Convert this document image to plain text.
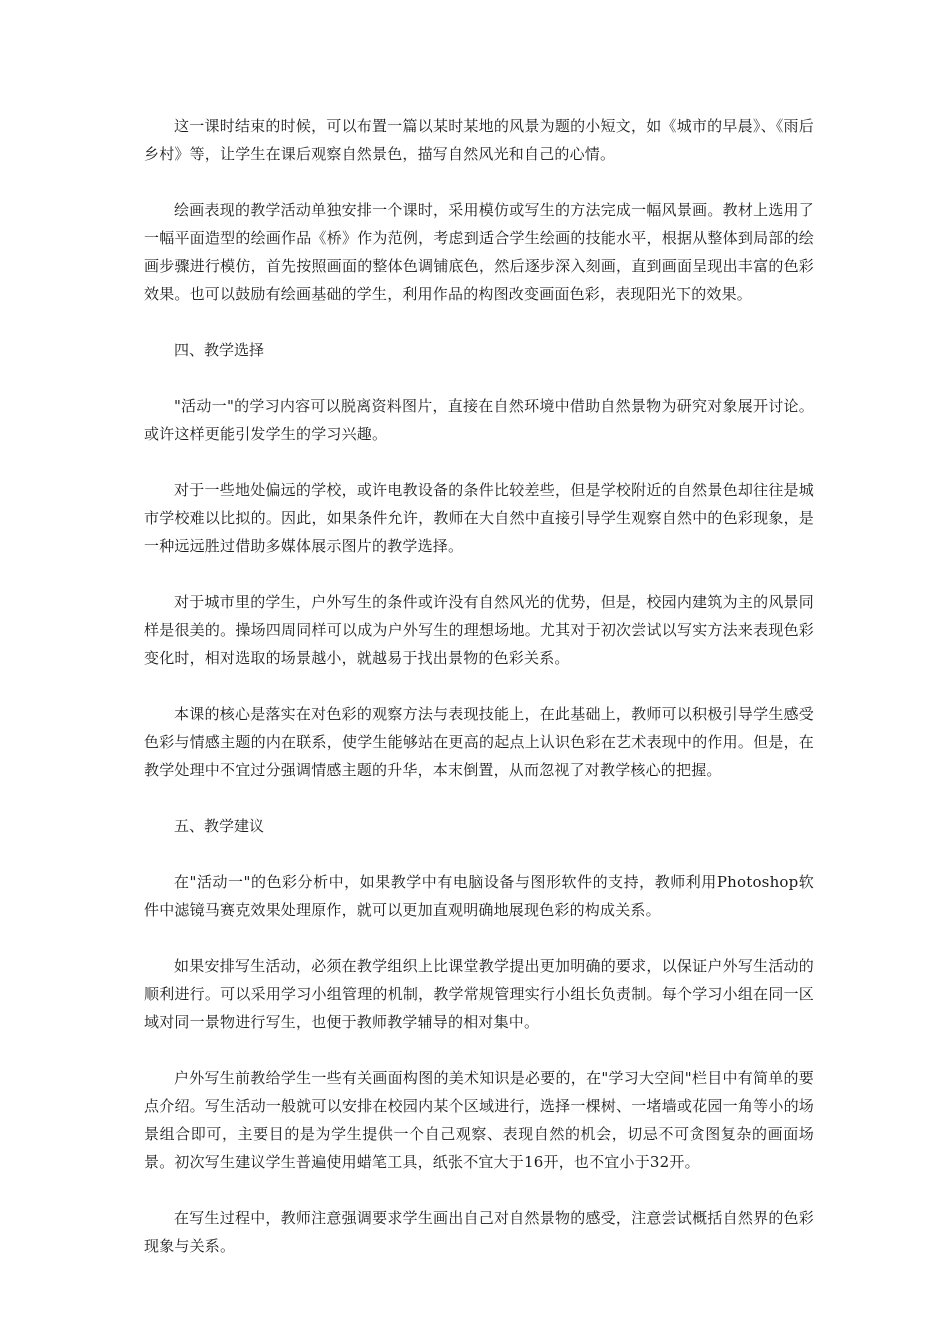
这一课时结束的时候，可以布置一篇以某时某地的风景为题的小短文，如《城市的早晨》、《雨后乡村》等，让学生在课后观察自然景色，描写自然风光和自己的心情。

绘画表现的教学活动单独安排一个课时，采用模仿或写生的方法完成一幅风景画。教材上选用了一幅平面造型的绘画作品《桥》作为范例，考虑到适合学生绘画的技能水平，根据从整体到局部的绘画步骤进行模仿，首先按照画面的整体色调铺底色，然后逐步深入刻画，直到画面呈现出丰富的色彩效果。也可以鼓励有绘画基础的学生，利用作品的构图改变画面色彩，表现阳光下的效果。

四、教学选择

"活动一"的学习内容可以脱离资料图片，直接在自然环境中借助自然景物为研究对象展开讨论。或许这样更能引发学生的学习兴趣。

对于一些地处偏远的学校，或许电教设备的条件比较差些，但是学校附近的自然景色却往往是城市学校难以比拟的。因此，如果条件允许，教师在大自然中直接引导学生观察自然中的色彩现象，是一种远远胜过借助多媒体展示图片的教学选择。

对于城市里的学生，户外写生的条件或许没有自然风光的优势，但是，校园内建筑为主的风景同样是很美的。操场四周同样可以成为户外写生的理想场地。尤其对于初次尝试以写实方法来表现色彩变化时，相对选取的场景越小，就越易于找出景物的色彩关系。

本课的核心是落实在对色彩的观察方法与表现技能上，在此基础上，教师可以积极引导学生感受色彩与情感主题的内在联系，使学生能够站在更高的起点上认识色彩在艺术表现中的作用。但是，在教学处理中不宜过分强调情感主题的升华，本末倒置，从而忽视了对教学核心的把握。

五、教学建议

在"活动一"的色彩分析中，如果教学中有电脑设备与图形软件的支持，教师利用Photoshop软件中滤镜马赛克效果处理原作，就可以更加直观明确地展现色彩的构成关系。

如果安排写生活动，必须在教学组织上比课堂教学提出更加明确的要求，以保证户外写生活动的顺利进行。可以采用学习小组管理的机制，教学常规管理实行小组长负责制。每个学习小组在同一区域对同一景物进行写生，也便于教师教学辅导的相对集中。

户外写生前教给学生一些有关画面构图的美术知识是必要的，在"学习大空间"栏目中有简单的要点介绍。写生活动一般就可以安排在校园内某个区域进行，选择一棵树、一堵墙或花园一角等小的场景组合即可，主要目的是为学生提供一个自己观察、表现自然的机会，切忌不可贪图复杂的画面场景。初次写生建议学生普遍使用蜡笔工具，纸张不宜大于16开，也不宜小于32开。

在写生过程中，教师注意强调要求学生画出自己对自然景物的感受，注意尝试概括自然界的色彩现象与关系。
